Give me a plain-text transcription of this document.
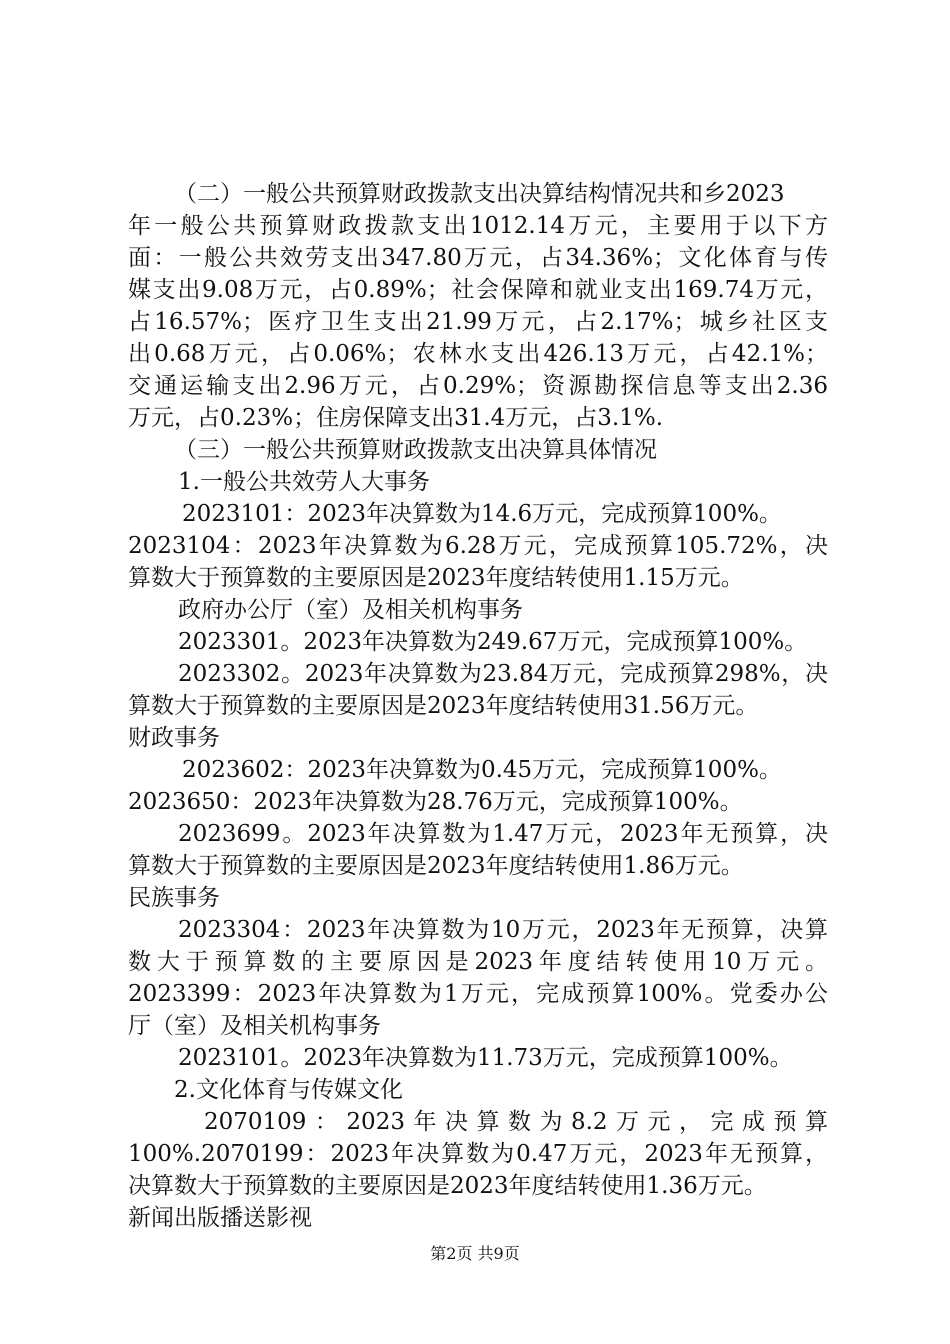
（二）一般公共预算财政拨款支出决算结构情况共和乡2023
年一般公共预算财政拨款支出1012.14万元，主要用于以下方
面：一般公共效劳支出347.80万元，占34.36%；文化体育与传
媒支出9.08万元，占0.89%；社会保障和就业支出169.74万元，
占16.57%；医疗卫生支出21.99万元，占2.17%；城乡社区支
出0.68万元，占0.06%；农林水支出426.13万元，占42.1%；
交通运输支出2.96万元，占0.29%；资源勘探信息等支出2.36
万元，占0.23%；住房保障支出31.4万元，占3.1%.
（三）一般公共预算财政拨款支出决算具体情况
1.一般公共效劳人大事务
2023101：2023年决算数为14.6万元，完成预算100%。
2023104：2023年决算数为6.28万元，完成预算105.72%，决
算数大于预算数的主要原因是2023年度结转使用1.15万元。
政府办公厅（室）及相关机构事务
2023301。2023年决算数为249.67万元，完成预算100%。
2023302。2023年决算数为23.84万元，完成预算298%，决
算数大于预算数的主要原因是2023年度结转使用31.56万元。
财政事务
2023602：2023年决算数为0.45万元，完成预算100%。
2023650：2023年决算数为28.76万元，完成预算100%。
2023699。2023年决算数为1.47万元，2023年无预算，决
算数大于预算数的主要原因是2023年度结转使用1.86万元。
民族事务
2023304：2023年决算数为10万元，2023年无预算，决算
数大于预算数的主要原因是2023年度结转使用10万元。
2023399：2023年决算数为1万元，完成预算100%。党委办公
厅（室）及相关机构事务
2023101。2023年决算数为11.73万元，完成预算100%。
2.文化体育与传媒文化
2070109：2023年决算数为8.2万元，完成预算
100%.2070199：2023年决算数为0.47万元，2023年无预算，
决算数大于预算数的主要原因是2023年度结转使用1.36万元。
新闻出版播送影视
第2页 共9页
